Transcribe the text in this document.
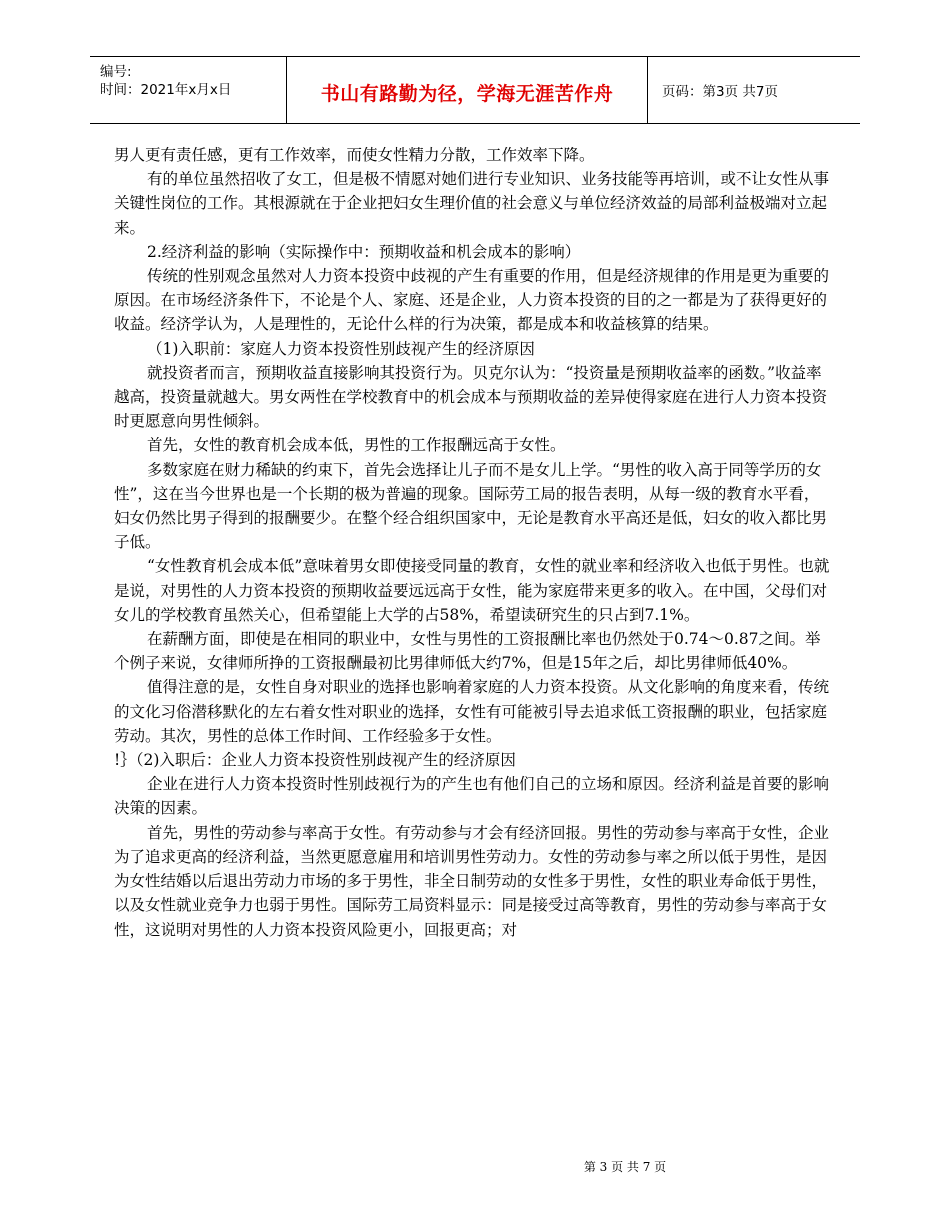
编号:
时间：2021年x月x日	书山有路勤为径，学海无涯苦作舟	页码：第3页 共7页

男人更有责任感，更有工作效率，而使女性精力分散，工作效率下降。

有的单位虽然招收了女工，但是极不情愿对她们进行专业知识、业务技能等再培训，或不让女性从事关键性岗位的工作。其根源就在于企业把妇女生理价值的社会意义与单位经济效益的局部利益极端对立起来。

2.经济利益的影响（实际操作中：预期收益和机会成本的影响）

传统的性别观念虽然对人力资本投资中歧视的产生有重要的作用，但是经济规律的作用是更为重要的原因。在市场经济条件下，不论是个人、家庭、还是企业，人力资本投资的目的之一都是为了获得更好的收益。经济学认为，人是理性的，无论什么样的行为决策，都是成本和收益核算的结果。

（1)入职前：家庭人力资本投资性别歧视产生的经济原因

就投资者而言，预期收益直接影响其投资行为。贝克尔认为：“投资量是预期收益率的函数。”收益率越高，投资量就越大。男女两性在学校教育中的机会成本与预期收益的差异使得家庭在进行人力资本投资时更愿意向男性倾斜。

首先，女性的教育机会成本低，男性的工作报酬远高于女性。

多数家庭在财力稀缺的约束下，首先会选择让儿子而不是女儿上学。“男性的收入高于同等学历的女性”，这在当今世界也是一个长期的极为普遍的现象。国际劳工局的报告表明，从每一级的教育水平看，妇女仍然比男子得到的报酬要少。在整个经合组织国家中，无论是教育水平高还是低，妇女的收入都比男子低。

“女性教育机会成本低”意味着男女即使接受同量的教育，女性的就业率和经济收入也低于男性。也就是说，对男性的人力资本投资的预期收益要远远高于女性，能为家庭带来更多的收入。在中国，父母们对女儿的学校教育虽然关心，但希望能上大学的占58%，希望读研究生的只占到7.1%。

在薪酬方面，即使是在相同的职业中，女性与男性的工资报酬比率也仍然处于0.74～0.87之间。举个例子来说，女律师所挣的工资报酬最初比男律师低大约7%，但是15年之后，却比男律师低40%。

值得注意的是，女性自身对职业的选择也影响着家庭的人力资本投资。从文化影响的角度来看，传统的文化习俗潜移默化的左右着女性对职业的选择，女性有可能被引导去追求低工资报酬的职业，包括家庭劳动。其次，男性的总体工作时间、工作经验多于女性。

!｝（2)入职后：企业人力资本投资性别歧视产生的经济原因

企业在进行人力资本投资时性别歧视行为的产生也有他们自己的立场和原因。经济利益是首要的影响决策的因素。

首先，男性的劳动参与率高于女性。有劳动参与才会有经济回报。男性的劳动参与率高于女性，企业为了追求更高的经济利益，当然更愿意雇用和培训男性劳动力。女性的劳动参与率之所以低于男性，是因为女性结婚以后退出劳动力市场的多于男性，非全日制劳动的女性多于男性，女性的职业寿命低于男性，以及女性就业竞争力也弱于男性。国际劳工局资料显示：同是接受过高等教育，男性的劳动参与率高于女性，这说明对男性的人力资本投资风险更小，回报更高；对

第 3 页 共 7 页
